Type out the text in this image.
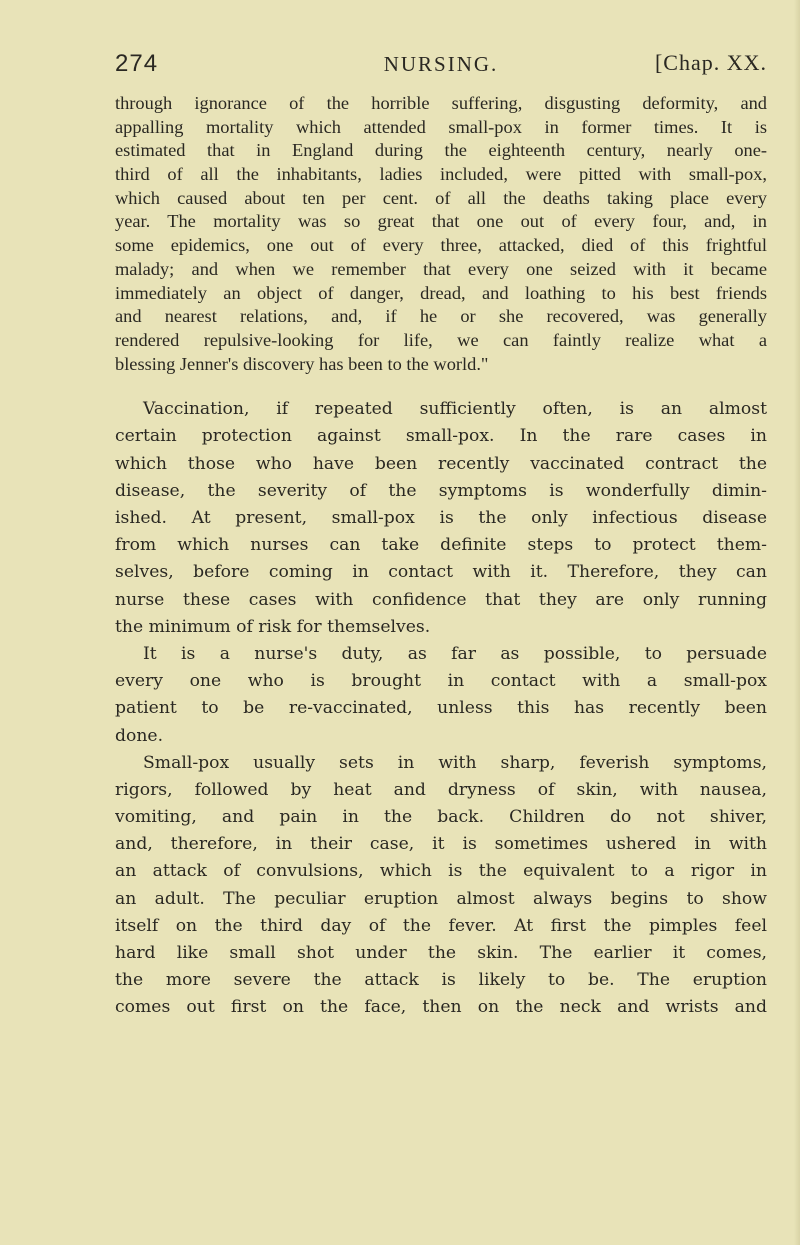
274	NURSING.	[Chap. XX.
through ignorance of the horrible suffering, disgusting deformity, and
appalling mortality which attended small-pox in former times. It is
estimated that in England during the eighteenth century, nearly one-
third of all the inhabitants, ladies included, were pitted with small-pox,
which caused about ten per cent. of all the deaths taking place every
year. The mortality was so great that one out of every four, and, in
some epidemics, one out of every three, attacked, died of this frightful
malady; and when we remember that every one seized with it became
immediately an object of danger, dread, and loathing to his best friends
and nearest relations, and, if he or she recovered, was generally
rendered repulsive-looking for life, we can faintly realize what a
blessing Jenner's discovery has been to the world."
Vaccination, if repeated sufficiently often, is an almost
certain protection against small-pox. In the rare cases in
which those who have been recently vaccinated contract the
disease, the severity of the symptoms is wonderfully dimin-
ished. At present, small-pox is the only infectious disease
from which nurses can take definite steps to protect them-
selves, before coming in contact with it. Therefore, they can
nurse these cases with confidence that they are only running
the minimum of risk for themselves.
It is a nurse's duty, as far as possible, to persuade
every one who is brought in contact with a small-pox
patient to be re-vaccinated, unless this has recently been
done.
Small-pox usually sets in with sharp, feverish symptoms,
rigors, followed by heat and dryness of skin, with nausea,
vomiting, and pain in the back. Children do not shiver,
and, therefore, in their case, it is sometimes ushered in with
an attack of convulsions, which is the equivalent to a rigor in
an adult. The peculiar eruption almost always begins to show
itself on the third day of the fever. At first the pimples feel
hard like small shot under the skin. The earlier it comes,
the more severe the attack is likely to be. The eruption
comes out first on the face, then on the neck and wrists and
